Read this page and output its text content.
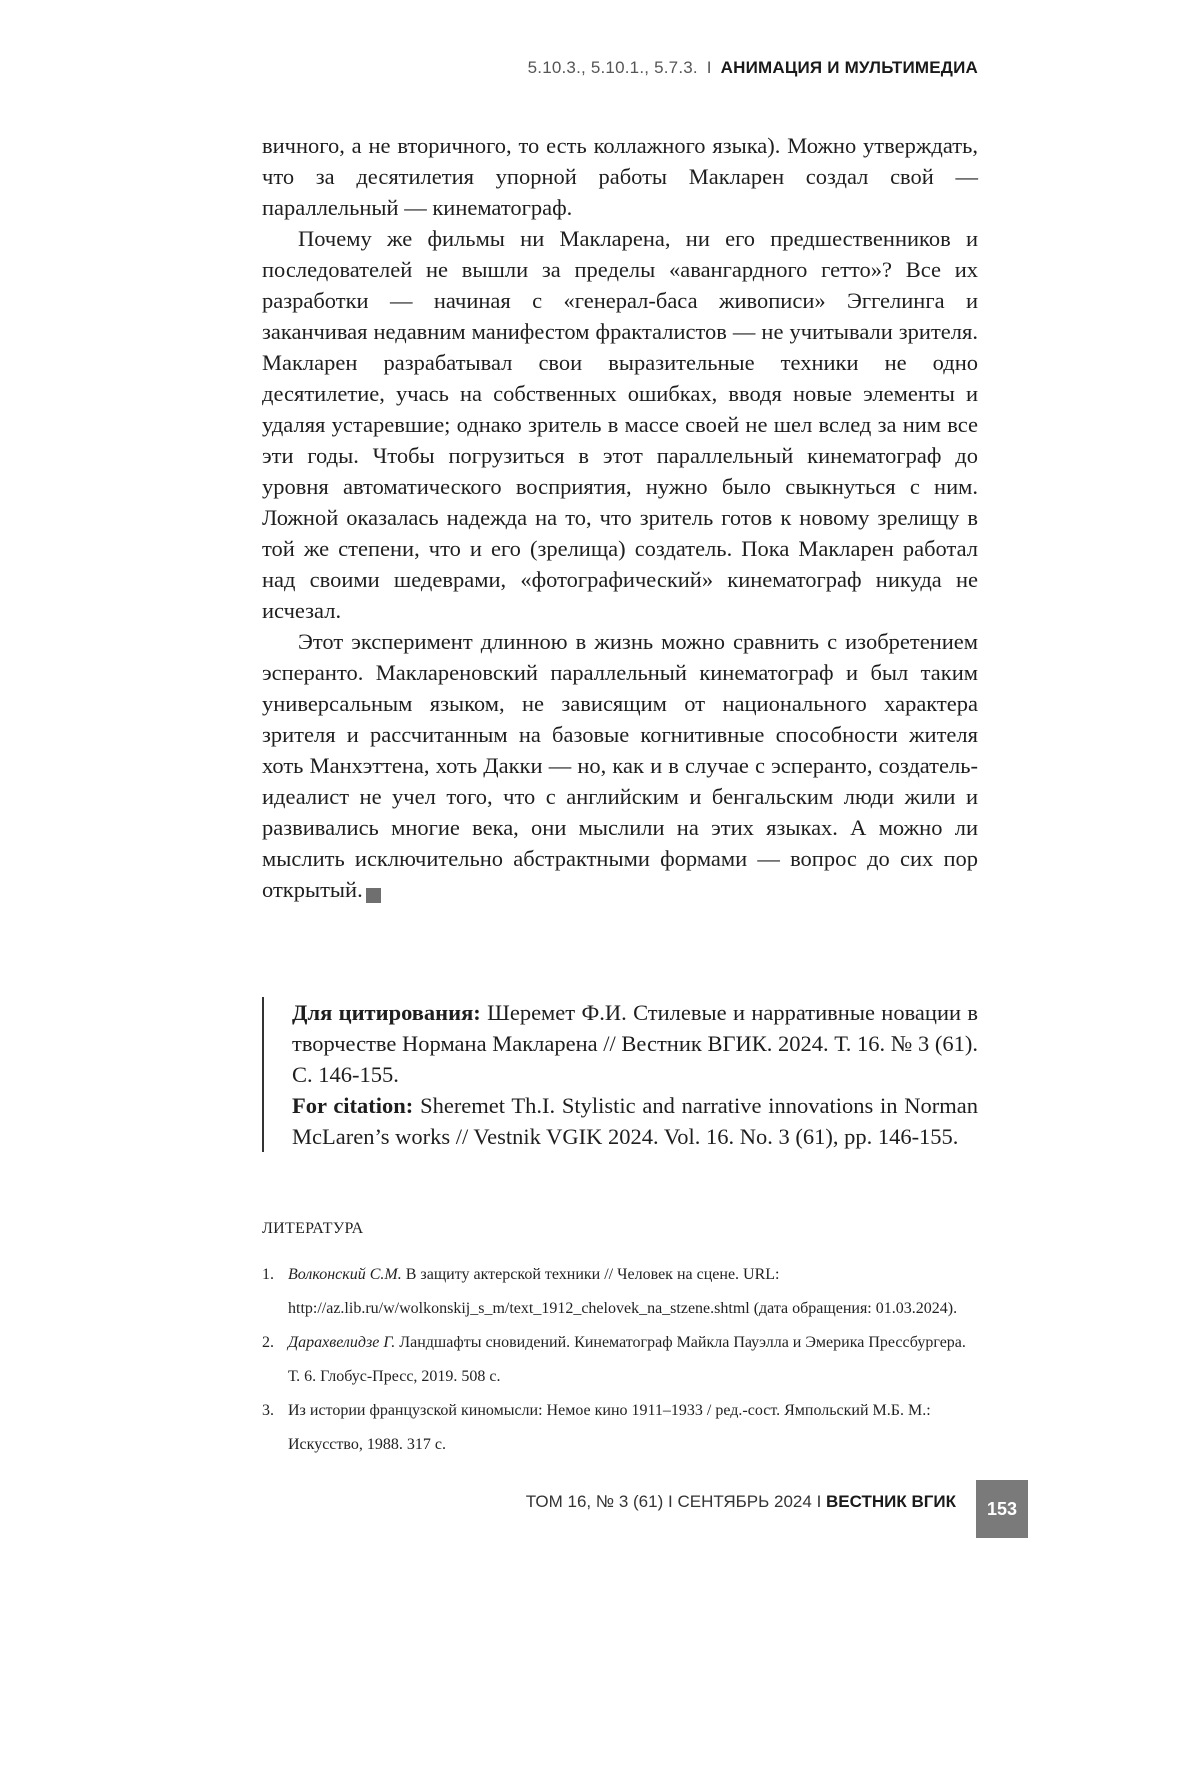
5.10.3., 5.10.1., 5.7.3. I АНИМАЦИЯ И МУЛЬТИМЕДИА

вичного, а не вторичного, то есть коллажного языка). Можно утверждать, что за десятилетия упорной работы Макларен создал свой — параллельный — кинематограф.

Почему же фильмы ни Макларена, ни его предшественников и последователей не вышли за пределы «авангардного гетто»? Все их разработки — начиная с «генерал-баса живописи» Эггелинга и заканчивая недавним манифестом фракталистов — не учитывали зрителя. Макларен разрабатывал свои выразительные техники не одно десятилетие, учась на собственных ошибках, вводя новые элементы и удаляя устаревшие; однако зритель в массе своей не шел вслед за ним все эти годы. Чтобы погрузиться в этот параллельный кинематограф до уровня автоматического восприятия, нужно было свыкнуться с ним. Ложной оказалась надежда на то, что зритель готов к новому зрелищу в той же степени, что и его (зрелища) создатель. Пока Макларен работал над своими шедеврами, «фотографический» кинематограф никуда не исчезал.

Этот эксперимент длинною в жизнь можно сравнить с изобретением эсперанто. Маклареновский параллельный кинематограф и был таким универсальным языком, не зависящим от национального характера зрителя и рассчитанным на базовые когнитивные способности жителя хоть Манхэттена, хоть Дакки — но, как и в случае с эсперанто, создатель-идеалист не учел того, что с английским и бенгальским люди жили и развивались многие века, они мыслили на этих языках. А можно ли мыслить исключительно абстрактными формами — вопрос до сих пор открытый.

Для цитирования: Шеремет Ф.И. Стилевые и нарративные новации в творчестве Нормана Макларена // Вестник ВГИК. 2024. Т. 16. № 3 (61). С. 146-155.

For citation: Sheremet Th.I. Stylistic and narrative innovations in Norman McLaren’s works // Vestnik VGIK 2024. Vol. 16. No. 3 (61), pp. 146-155.

ЛИТЕРАТУРА
1. Волконский С.М. В защиту актерской техники // Человек на сцене. URL: http://az.lib.ru/w/wolkonskij_s_m/text_1912_chelovek_na_stzene.shtml (дата обращения: 01.03.2024).
2. Дарахвелидзе Г. Ландшафты сновидений. Кинематограф Майкла Пауэлла и Эмерика Прессбургера. Т. 6. Глобус-Пресс, 2019. 508 с.
3. Из истории французской киномысли: Немое кино 1911–1933 / ред.-сост. Ямпольский М.Б. М.: Искусство, 1988. 317 с.
ТОМ 16, № 3 (61) I СЕНТЯБРЬ 2024 I ВЕСТНИК ВГИК	153
